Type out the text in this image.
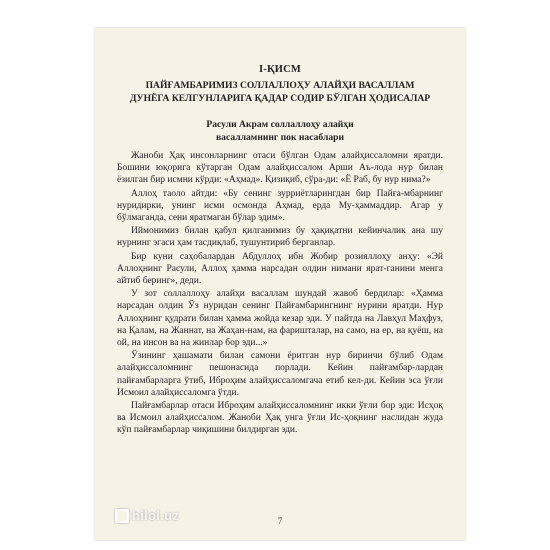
I-ҚИСМ
ПАЙҒАМБАРИМИЗ СОЛЛАЛЛОҲУ АЛАЙҲИ ВАСАЛЛАМ
ДУНЁГА КЕЛГУНЛАРИГА ҚАДАР СОДИР БЎЛГАН ҲОДИСАЛАР
Расули Акрам соллаллоҳу алайҳи
васалламнинг пок насаблари

Жаноби Ҳақ инсонларнинг отаси бўлган Одам алайҳиссаломни яратди. Бошини юқорига кўтарган Одам алайҳиссалом Арши Аъ-лода нур билан ёзилган бир исмни кўрди: «Аҳмад». Қизиқиб, сўра-ди: «Ё Раб, бу нур нима?»

Аллоҳ таоло айтди: «Бу сенинг зурриётларингдан бир Пайға-мбарнинг нуридирки, унинг исми осмонда Аҳмад, ерда Му-ҳаммаддир. Агар у бўлмаганда, сени яратмаган бўлар эдим».

Иймонимиз билан қабул қилганимиз бу ҳақиқатни кейинчалик ана шу нурнинг эгаси ҳам тасдиқлаб, тушунтириб берганлар.

Бир куни саҳобалардан Абдуллоҳ ибн Жобир розияллоҳу анҳу: «Эй Аллоҳнинг Расули, Аллоҳ ҳамма нарсадан олдин нимани ярат-ганини менга айтиб беринг», деди.

У зот соллаллоҳу алайҳи васаллам шундай жавоб бердилар: «Ҳамма нарсадан олдин Ўз нуридан сенинг Пайғамбарингнинг нурини яратди. Нур Аллоҳнинг қудрати билан ҳамма жойда кезар эди. У пайтда на Лавҳул Маҳфуз, на Қалам, на Жаннат, на Жаҳан-нам, на фаришталар, на само, на ер, на қуёш, на ой, на инсон ва на жинлар бор эди...»

Ўзининг ҳашамати билан самони ёритган нур биринчи бўлиб Одам алайҳиссаломнинг пешонасида порлади. Кейин пайғамбар-лардан пайғамбарларга ўтиб, Иброҳим алайҳиссаломгача етиб кел-ди. Кейин эса ўғли Исмоил алайҳиссаломга ўтди.

Пайғамбарлар отаси Иброҳим алайҳиссаломнинг икки ўғли бор эди: Исҳоқ ва Исмоил алайҳиссалом. Жаноби Ҳақ унга ўғли Ис-ҳоқнинг наслидан жуда кўп пайғамбарлар чиқишини билдирган эди.

7
hilol.uz
